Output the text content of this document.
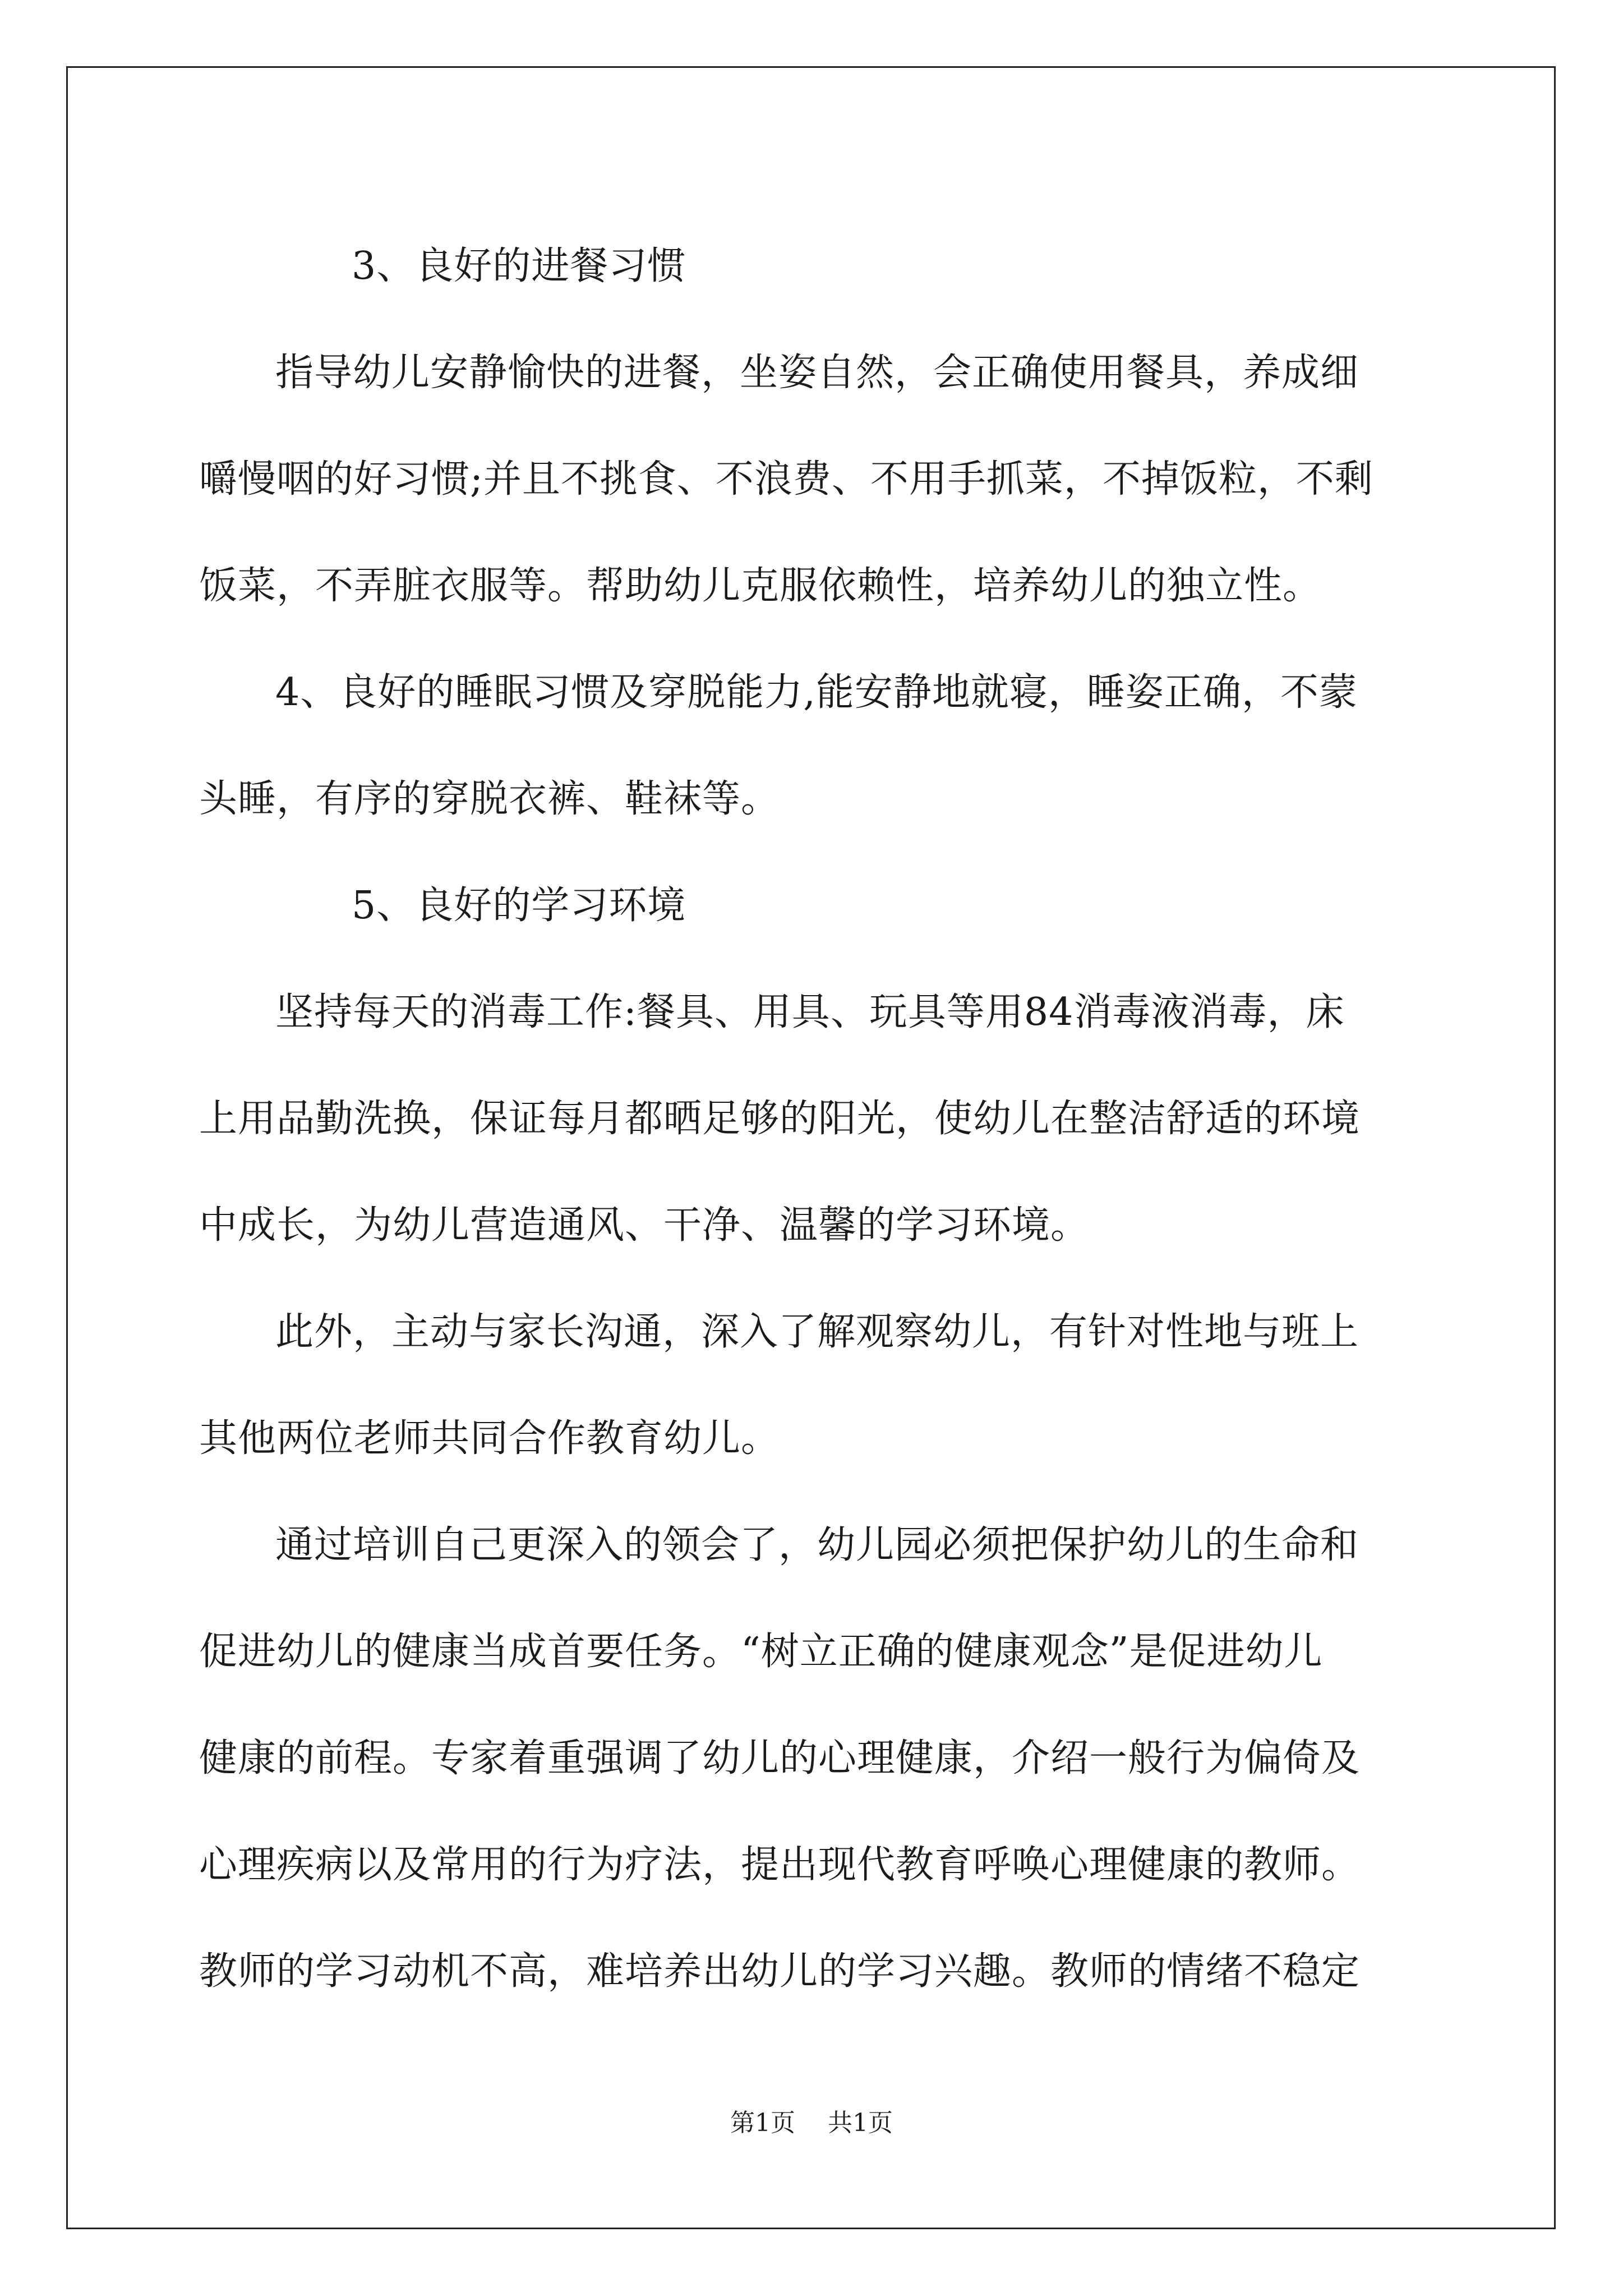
3、良好的进餐习惯

指导幼儿安静愉快的进餐，坐姿自然，会正确使用餐具，养成细
嚼慢咽的好习惯;并且不挑食、不浪费、不用手抓菜，不掉饭粒，不剩
饭菜，不弄脏衣服等。帮助幼儿克服依赖性，培养幼儿的独立性。

4、良好的睡眠习惯及穿脱能力,能安静地就寝，睡姿正确，不蒙
头睡，有序的穿脱衣裤、鞋袜等。

5、良好的学习环境

坚持每天的消毒工作:餐具、用具、玩具等用84消毒液消毒，床
上用品勤洗换，保证每月都晒足够的阳光，使幼儿在整洁舒适的环境
中成长，为幼儿营造通风、干净、温馨的学习环境。

此外，主动与家长沟通，深入了解观察幼儿，有针对性地与班上
其他两位老师共同合作教育幼儿。

通过培训自己更深入的领会了，幼儿园必须把保护幼儿的生命和
促进幼儿的健康当成首要任务。“树立正确的健康观念”是促进幼儿
健康的前程。专家着重强调了幼儿的心理健康，介绍一般行为偏倚及
心理疾病以及常用的行为疗法，提出现代教育呼唤心理健康的教师。
教师的学习动机不高，难培养出幼儿的学习兴趣。教师的情绪不稳定

第1页 共1页
